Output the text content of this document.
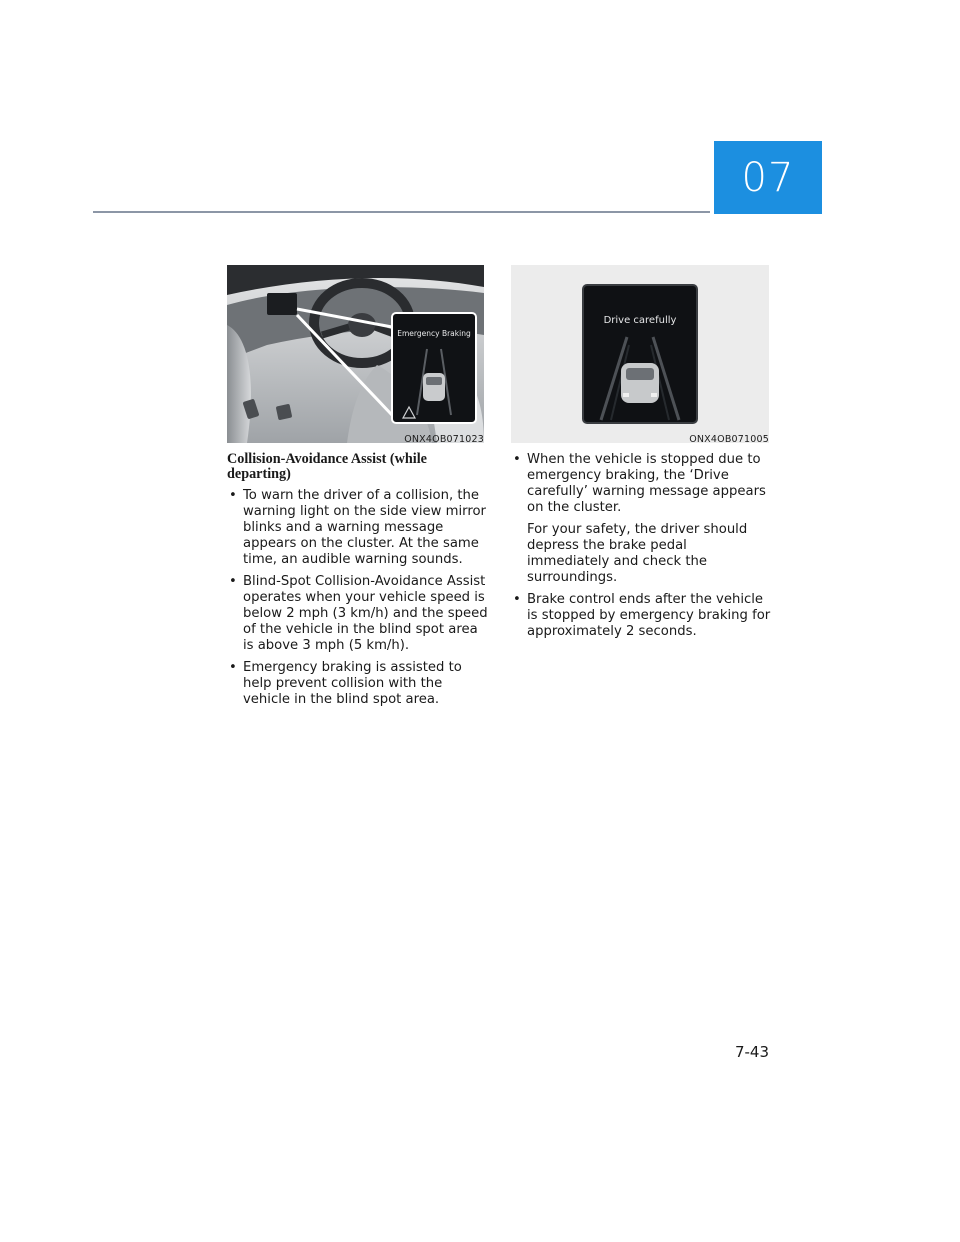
07
Emergency Braking
ONX4OB071023
Drive carefully
ONX4OB071005
Collision-Avoidance Assist (while departing)
• To warn the driver of a collision, the warning light on the side view mirror blinks and a warning message appears on the cluster. At the same time, an audible warning sounds.
• Blind-Spot Collision-Avoidance Assist operates when your vehicle speed is below 2 mph (3 km/h) and the speed of the vehicle in the blind spot area is above 3 mph (5 km/h).
• Emergency braking is assisted to help prevent collision with the vehicle in the blind spot area.
• When the vehicle is stopped due to emergency braking, the ‘Drive carefully’ warning message appears on the cluster.
For your safety, the driver should depress the brake pedal immediately and check the surroundings.
• Brake control ends after the vehicle is stopped by emergency braking for approximately 2 seconds.
7-43
